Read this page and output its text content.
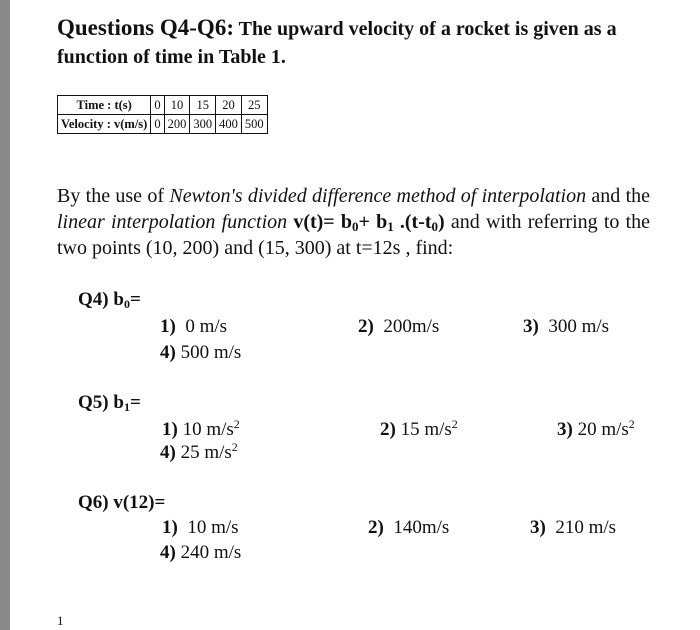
Questions Q4-Q6: The upward velocity of a rocket is given as a function of time in Table 1.
Time : t(s)	0	10	15	20	25
Velocity : v(m/s)	0	200	300	400	500
By the use of Newton's divided difference method of interpolation and the linear interpolation function $v(t)= b_0+ b_1$ $.(t-t_0)$ and with referring to the two points (10, 200) and (15, 300) at t=12s , find:
Q4) $b_0=$
1) 0 m/s	2) 200m/s	3) 300 m/s
4) 500 m/s
Q5) $b_1=$
1) 10 $m/s^2$	2) 15 $m/s^2$	3) 20 $m/s^2$
4) 25 $m/s^2$
Q6) v(12)=
1) 10 m/s	2) 140m/s	3) 210 m/s
4) 240 m/s
1
